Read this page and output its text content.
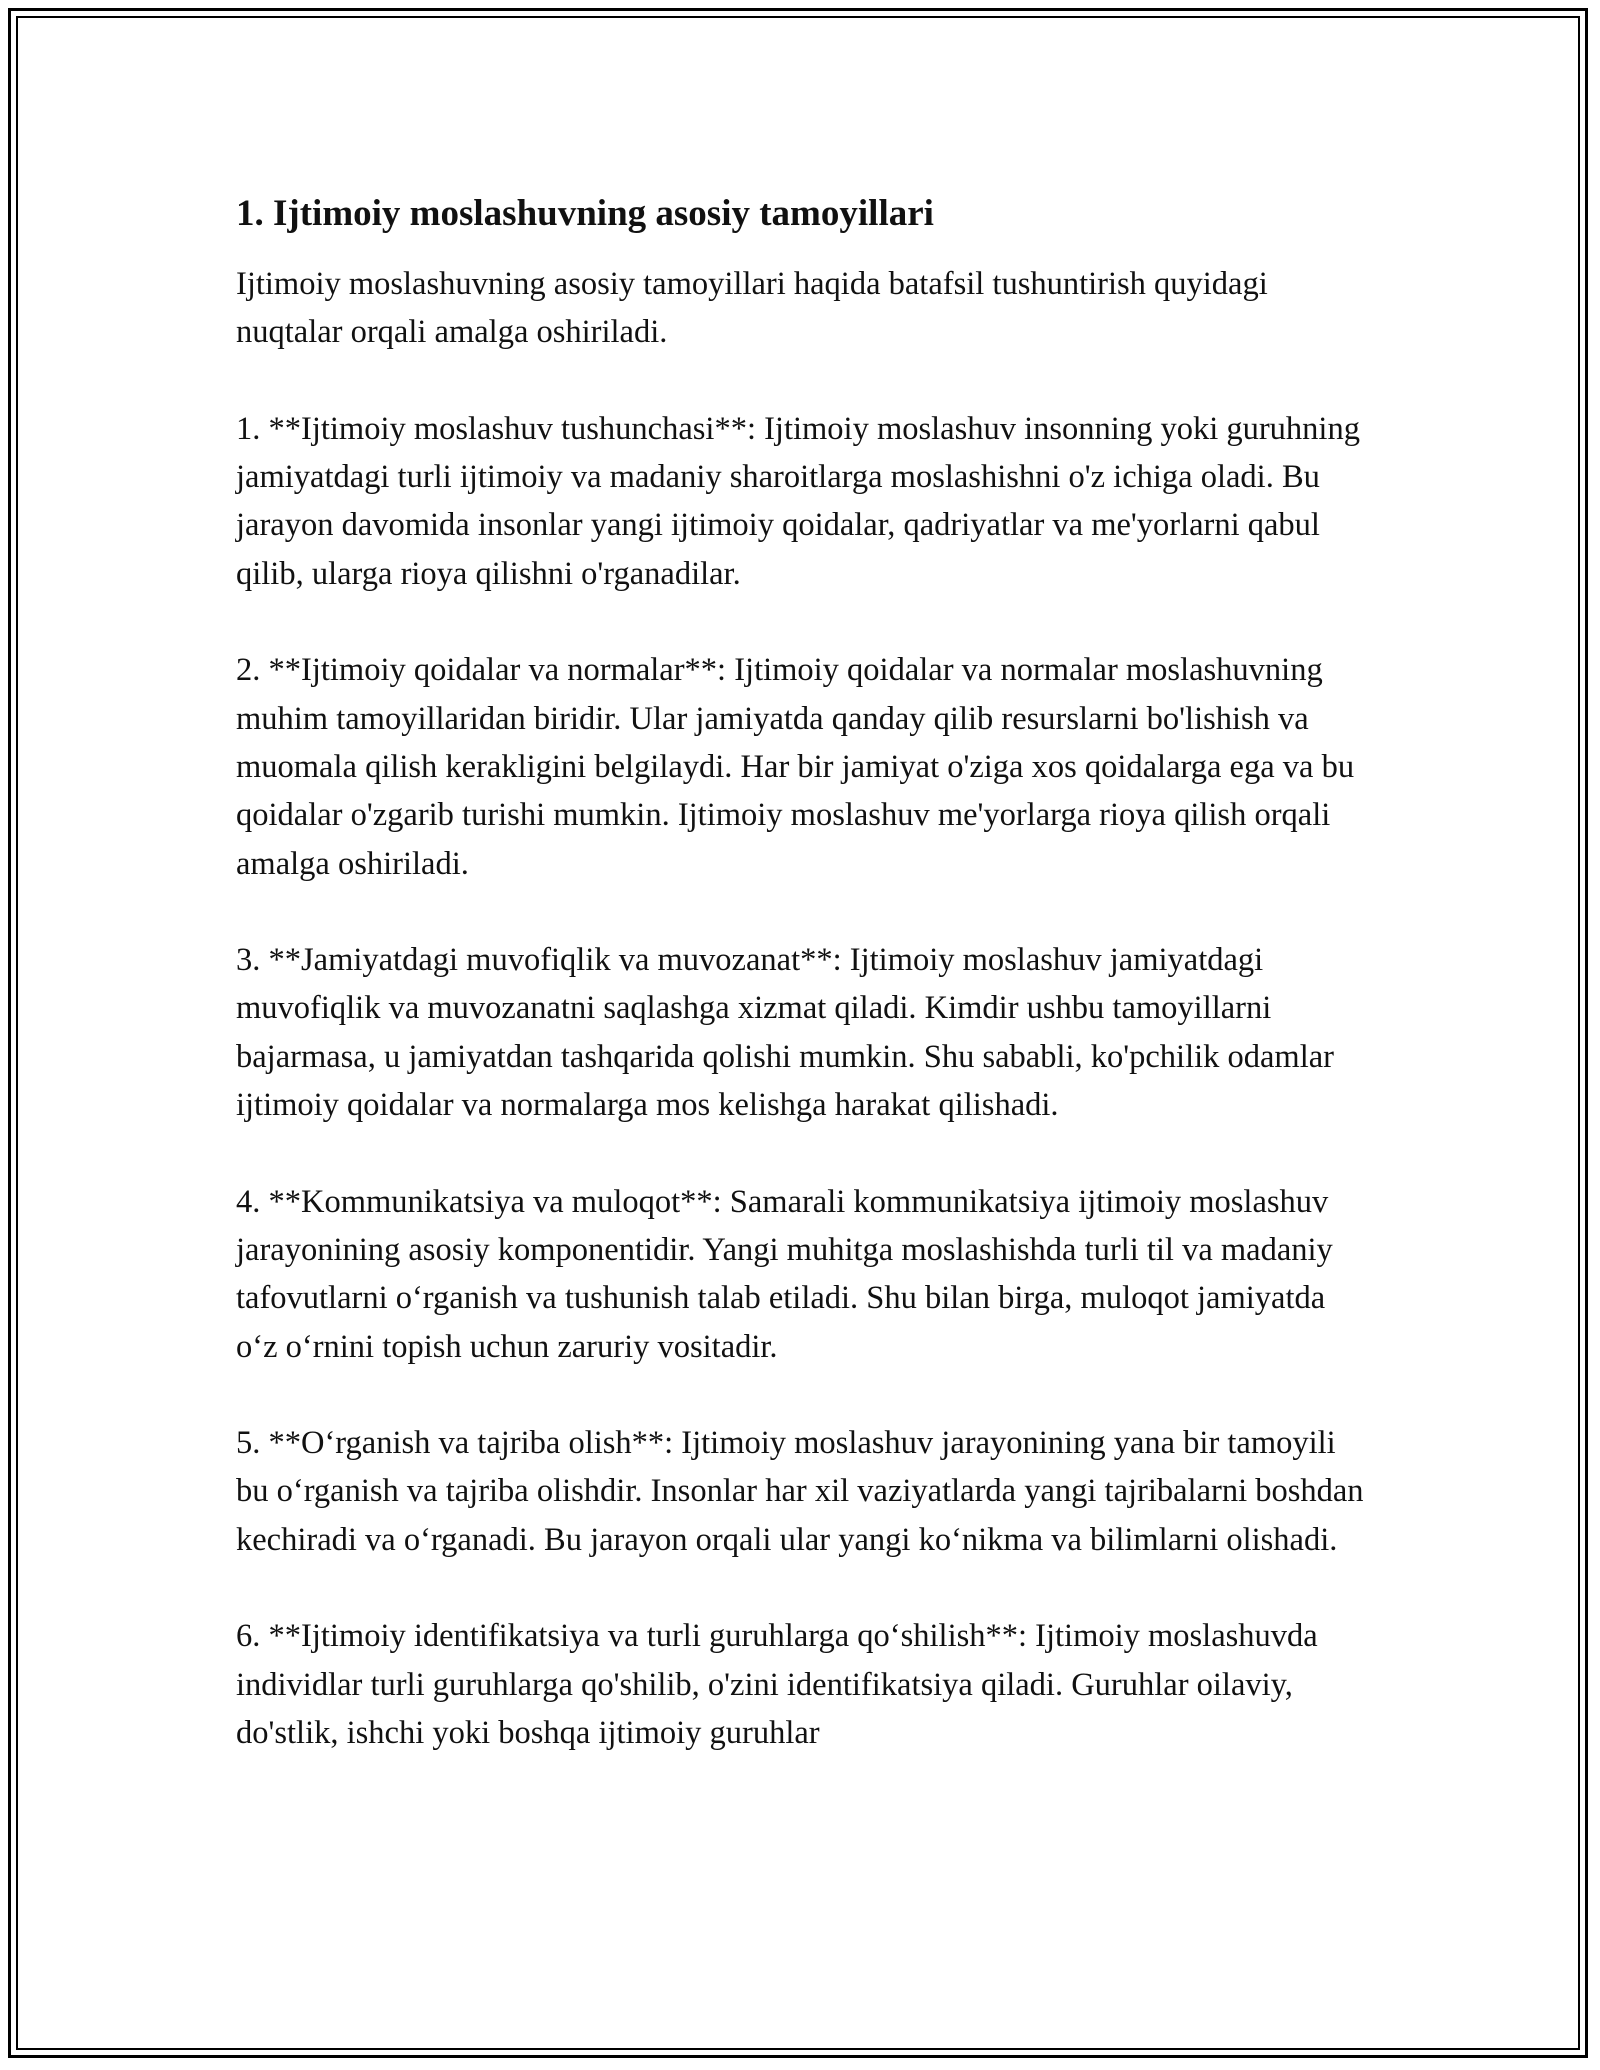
1. Ijtimoiy moslashuvning asosiy tamoyillari

Ijtimoiy moslashuvning asosiy tamoyillari haqida batafsil tushuntirish quyidagi nuqtalar orqali amalga oshiriladi.

1. **Ijtimoiy moslashuv tushunchasi**: Ijtimoiy moslashuv insonning yoki guruhning jamiyatdagi turli ijtimoiy va madaniy sharoitlarga moslashishni o'z ichiga oladi. Bu jarayon davomida insonlar yangi ijtimoiy qoidalar, qadriyatlar va me'yorlarni qabul qilib, ularga rioya qilishni o'rganadilar.

2. **Ijtimoiy qoidalar va normalar**: Ijtimoiy qoidalar va normalar moslashuvning muhim tamoyillaridan biridir. Ular jamiyatda qanday qilib resurslarni bo'lishish va muomala qilish kerakligini belgilaydi. Har bir jamiyat o'ziga xos qoidalarga ega va bu qoidalar o'zgarib turishi mumkin. Ijtimoiy moslashuv me'yorlarga rioya qilish orqali amalga oshiriladi.

3. **Jamiyatdagi muvofiqlik va muvozanat**: Ijtimoiy moslashuv jamiyatdagi muvofiqlik va muvozanatni saqlashga xizmat qiladi. Kimdir ushbu tamoyillarni bajarmasa, u jamiyatdan tashqarida qolishi mumkin. Shu sababli, ko'pchilik odamlar ijtimoiy qoidalar va normalarga mos kelishga harakat qilishadi.

4. **Kommunikatsiya va muloqot**: Samarali kommunikatsiya ijtimoiy moslashuv jarayonining asosiy komponentidir. Yangi muhitga moslashishda turli til va madaniy tafovutlarni o‘rganish va tushunish talab etiladi. Shu bilan birga, muloqot jamiyatda o‘z o‘rnini topish uchun zaruriy vositadir.

5. **O‘rganish va tajriba olish**: Ijtimoiy moslashuv jarayonining yana bir tamoyili bu o‘rganish va tajriba olishdir. Insonlar har xil vaziyatlarda yangi tajribalarni boshdan kechiradi va o‘rganadi. Bu jarayon orqali ular yangi ko‘nikma va bilimlarni olishadi.

6. **Ijtimoiy identifikatsiya va turli guruhlarga qo‘shilish**: Ijtimoiy moslashuvda individlar turli guruhlarga qo'shilib, o'zini identifikatsiya qiladi. Guruhlar oilaviy, do'stlik, ishchi yoki boshqa ijtimoiy guruhlar
